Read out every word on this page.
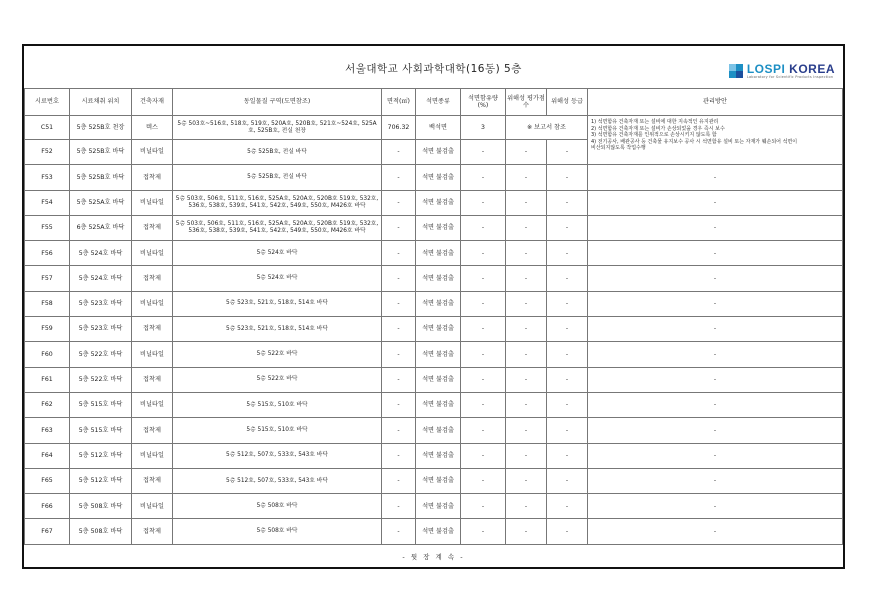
서울대학교 사회과학대학(16동) 5층	LOSPI KOREA
Laboratory for Scientific Products Inspection
시료번호	시료채취 위치	건축자재	동일물질 구역(도면참조)	면적(㎡)	석면종류	석면함유량 (%)	위해성 평가점수	위해성 등급	관리방안
C51	5층 525B호 천장	텍스	5층 503호~516호, 518호, 519호, 520A호, 520B호, 521호~524호, 525A호, 525B호, 전실 천장	706.32	백석면	3	※ 보고서 참조		1) 석면함유 건축자재 또는 설비에 대한 지속적인 유지관리
2) 석면함유 건축자재 또는 설비가 손상되었을 경우 즉시 보수
3) 석면함유 건축자재를 인위적으로 손상시키지 않도록 함
4) 전기공사, 배관공사 등 건축물 유지보수 공사 시 석면함유 설비 또는 자재가 훼손되어 석면이
비산되지않도록 작업수행

F52	5층 525B호 바닥	비닐타일	5층 525B호, 전실 바닥	-	석면 불검출	-	-	-	
F53	5층 525B호 바닥	접착제	5층 525B호, 전실 바닥	-	석면 불검출	-	-	-	-
F54	5층 525A호 바닥	비닐타일	5층 503호, 506호, 511호, 516호, 525A호, 520A호, 520B호 519호, 532호, 536호, 538호, 539호, 541호, 542호, 549호, 550호, M426호 바닥	-	석면 불검출	-	-	-	-
F55	6층 525A호 바닥	접착제	5층 503호, 506호, 511호, 516호, 525A호, 520A호, 520B호 519호, 532호, 536호, 538호, 539호, 541호, 542호, 549호, 550호, M426호 바닥	-	석면 불검출	-	-	-	-
F56	5층 524호 바닥	비닐타일	5층 524호 바닥	-	석면 불검출	-	-	-	-
F57	5층 524호 바닥	접착제	5층 524호 바닥	-	석면 불검출	-	-	-	-
F58	5층 523호 바닥	비닐타일	5층 523호, 521호, 518호, 514호 바닥	-	석면 불검출	-	-	-	-
F59	5층 523호 바닥	접착제	5층 523호, 521호, 518호, 514호 바닥	-	석면 불검출	-	-	-	-
F60	5층 522호 바닥	비닐타일	5층 522호 바닥	-	석면 불검출	-	-	-	-
F61	5층 522호 바닥	접착제	5층 522호 바닥	-	석면 불검출	-	-	-	-
F62	5층 515호 바닥	비닐타일	5층 515호, 510호 바닥	-	석면 불검출	-	-	-	-
F63	5층 515호 바닥	접착제	5층 515호, 510호 바닥	-	석면 불검출	-	-	-	-
F64	5층 512호 바닥	비닐타일	5층 512호, 507호, 533호, 543호 바닥	-	석면 불검출	-	-	-	-
F65	5층 512호 바닥	접착제	5층 512호, 507호, 533호, 543호 바닥	-	석면 불검출	-	-	-	-
F66	5층 508호 바닥	비닐타일	5층 508호 바닥	-	석면 불검출	-	-	-	-
F67	5층 508호 바닥	접착제	5층 508호 바닥	-	석면 불검출	-	-	-	-
- 뒷 장 계 속 -
